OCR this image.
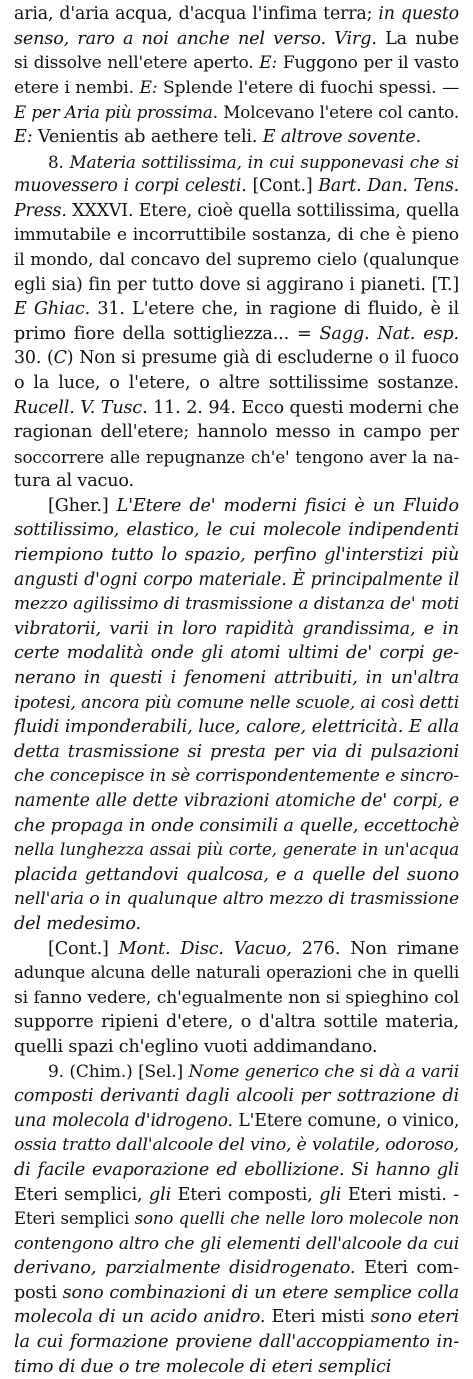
aria, d'aria acqua, d'acqua l'infima terra; in questo
senso, raro a noi anche nel verso. Virg. La nube
si dissolve nell'etere aperto. E: Fuggono per il vasto
etere i nembi. E: Splende l'etere di fuochi spessi. —
E per Aria più prossima. Molcevano l'etere col canto.
E: Venientis ab aethere teli. E altrove sovente.
8. Materia sottilissima, in cui supponevasi che si
muovessero i corpi celesti. [Cont.] Bart. Dan. Tens.
Press. XXXVI. Etere, cioè quella sottilissima, quella
immutabile e incorruttibile sostanza, di che è pieno
il mondo, dal concavo del supremo cielo (qualunque
egli sia) fin per tutto dove si aggirano i pianeti. [T.]
E Ghiac. 31. L'etere che, in ragione di fluido, è il
primo fiore della sottigliezza... = Sagg. Nat. esp.
30. (C) Non si presume già di escluderne o il fuoco
o la luce, o l'etere, o altre sottilissime sostanze.
Rucell. V. Tusc. 11. 2. 94. Ecco questi moderni che
ragionan dell'etere; hannolo messo in campo per
soccorrere alle repugnanze ch'e' tengono aver la na-
tura al vacuo.
[Gher.] L'Etere de' moderni fisici è un Fluido
sottilissimo, elastico, le cui molecole indipendenti
riempiono tutto lo spazio, perfino gl'interstizi più
angusti d'ogni corpo materiale. È principalmente il
mezzo agilissimo di trasmissione a distanza de' moti
vibratorii, varii in loro rapidità grandissima, e in
certe modalità onde gli atomi ultimi de' corpi ge-
nerano in questi i fenomeni attribuiti, in un'altra
ipotesi, ancora più comune nelle scuole, ai così detti
fluidi imponderabili, luce, calore, elettricità. E alla
detta trasmissione si presta per via di pulsazioni
che concepisce in sè corrispondentemente e sincro-
namente alle dette vibrazioni atomiche de' corpi, e
che propaga in onde consimili a quelle, eccettochè
nella lunghezza assai più corte, generate in un'acqua
placida gettandovi qualcosa, e a quelle del suono
nell'aria o in qualunque altro mezzo di trasmissione
del medesimo.
[Cont.] Mont. Disc. Vacuo, 276. Non rimane
adunque alcuna delle naturali operazioni che in quelli
si fanno vedere, ch'egualmente non si spieghino col
supporre ripieni d'etere, o d'altra sottile materia,
quelli spazi ch'eglino vuoti addimandano.
9. (Chim.) [Sel.] Nome generico che si dà a varii
composti derivanti dagli alcooli per sottrazione di
una molecola d'idrogeno. L'Etere comune, o vinico,
ossia tratto dall'alcoole del vino, è volatile, odoroso,
di facile evaporazione ed ebollizione. Si hanno gli
Eteri semplici, gli Eteri composti, gli Eteri misti. -
Eteri semplici sono quelli che nelle loro molecole non
contengono altro che gli elementi dell'alcoole da cui
derivano, parzialmente disidrogenato. Eteri com-
posti sono combinazioni di un etere semplice colla
molecola di un acido anidro. Eteri misti sono eteri
la cui formazione proviene dall'accoppiamento in-
timo di due o tre molecole di eteri semplici
